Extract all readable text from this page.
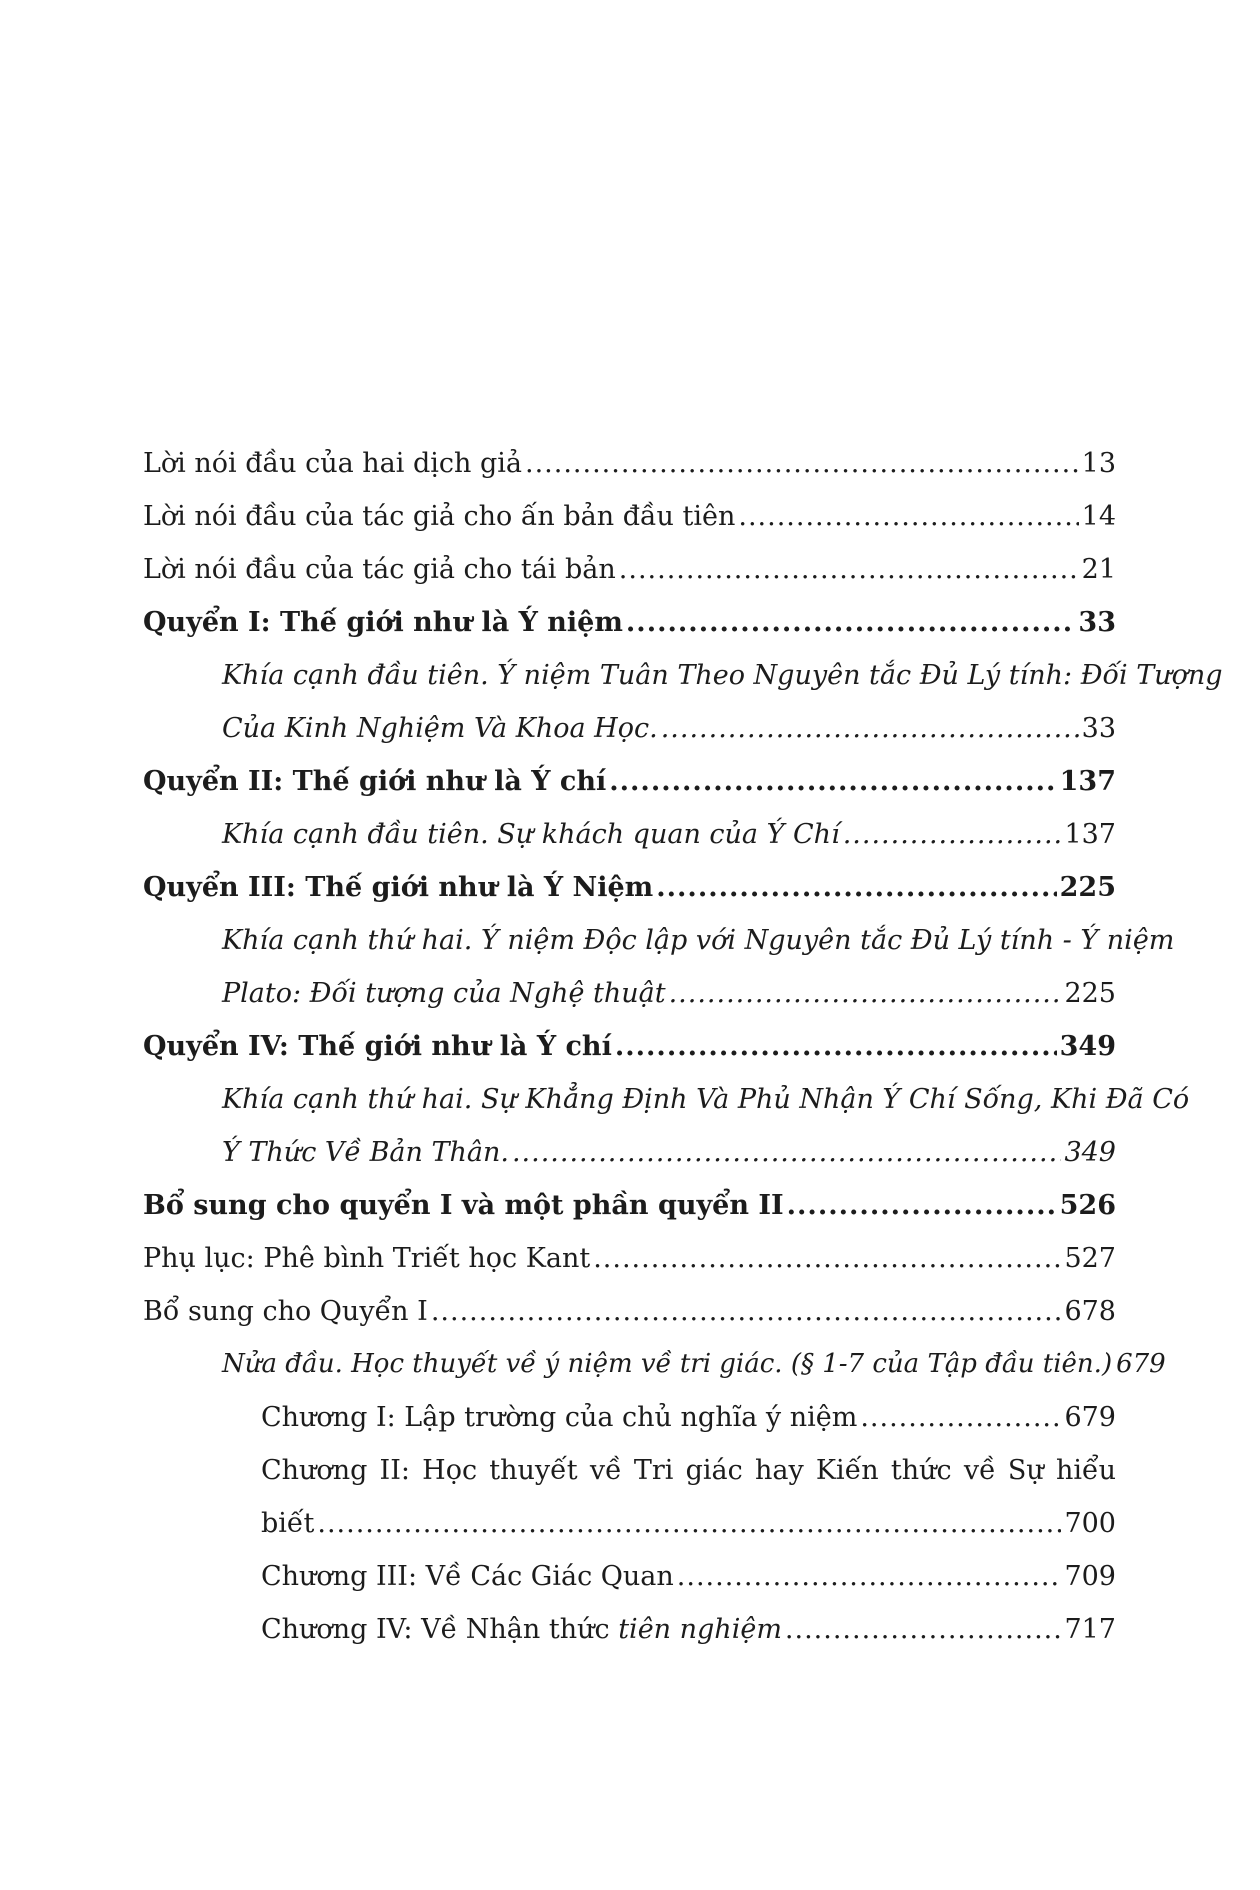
Lời nói đầu của hai dịch giả .....	13
Lời nói đầu của tác giả cho ấn bản đầu tiên .....	14
Lời nói đầu của tác giả cho tái bản .....	21
Quyển I: Thế giới như là Ý niệm .....	33
Khía cạnh đầu tiên. Ý niệm Tuân Theo Nguyên tắc Đủ Lý tính: Đối Tượng
Của Kinh Nghiệm Và Khoa Học. .....	33
Quyển II: Thế giới như là Ý chí .....	137
Khía cạnh đầu tiên. Sự khách quan của Ý Chí .....	137
Quyển III: Thế giới như là Ý Niệm .....	225
Khía cạnh thứ hai. Ý niệm Độc lập với Nguyên tắc Đủ Lý tính - Ý niệm
Plato: Đối tượng của Nghệ thuật .....	225
Quyển IV: Thế giới như là Ý chí .....	349
Khía cạnh thứ hai. Sự Khẳng Định Và Phủ Nhận Ý Chí Sống, Khi Đã Có
Ý Thức Về Bản Thân. .....	349
Bổ sung cho quyển I và một phần quyển II .....	526
Phụ lục: Phê bình Triết học Kant .....	527
Bổ sung cho Quyển I .....	678
Nửa đầu. Học thuyết về ý niệm về tri giác. (§ 1-7 của Tập đầu tiên.) 679
Chương I: Lập trường của chủ nghĩa ý niệm .....	679
Chương II: Học thuyết về Tri giác hay Kiến thức về Sự hiểu
biết .....	700
Chương III: Về Các Giác Quan .....	709
Chương IV: Về Nhận thức tiên nghiệm .....	717
